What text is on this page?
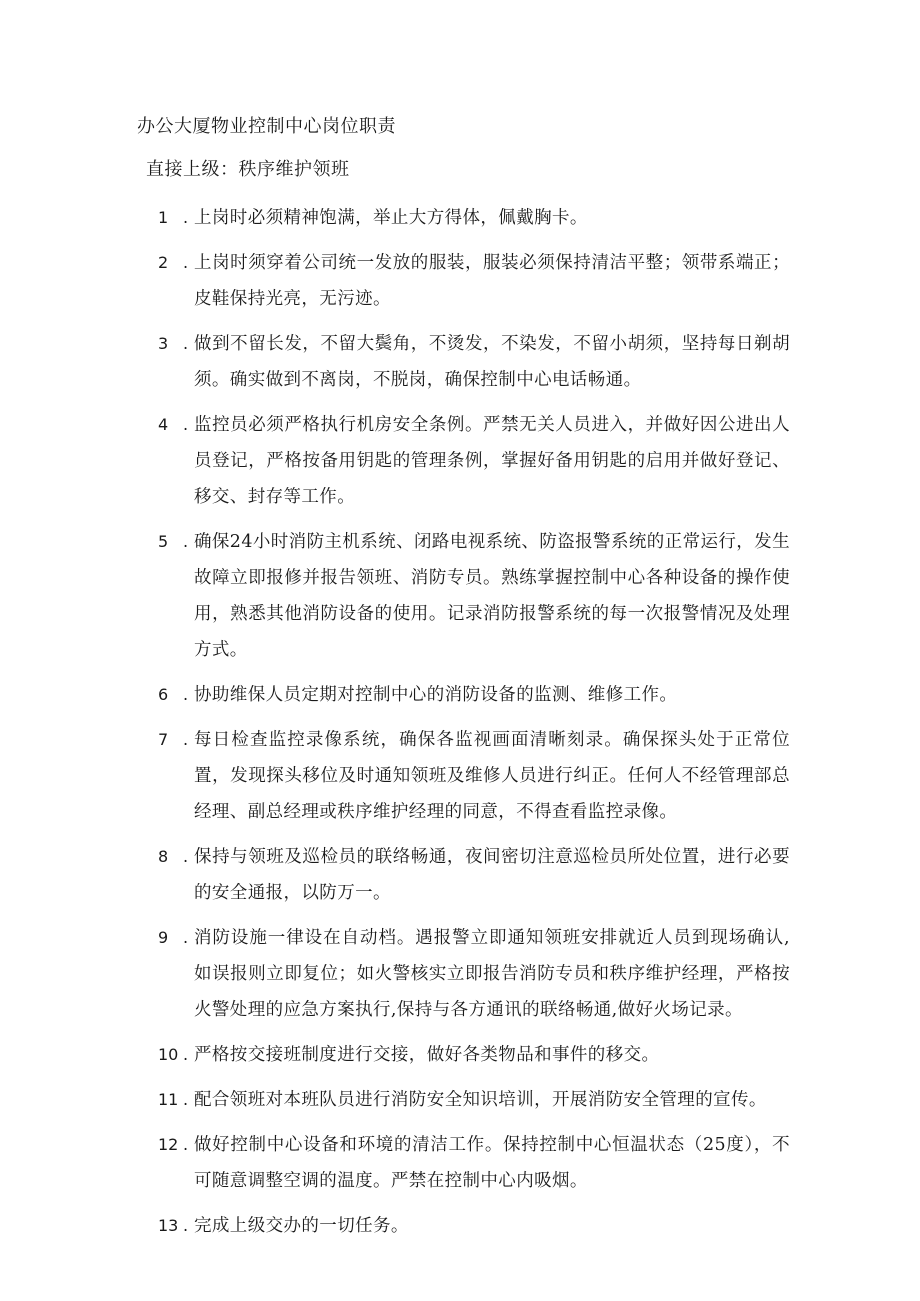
办公大厦物业控制中心岗位职责
直接上级：秩序维护领班
1 . 上岗时必须精神饱满，举止大方得体，佩戴胸卡。
2 . 上岗时须穿着公司统一发放的服装，服装必须保持清洁平整；领带系端正；皮鞋保持光亮，无污迹。
3 . 做到不留长发，不留大鬓角，不烫发，不染发，不留小胡须，坚持每日剃胡须。确实做到不离岗，不脱岗，确保控制中心电话畅通。
4 . 监控员必须严格执行机房安全条例。严禁无关人员进入，并做好因公进出人员登记，严格按备用钥匙的管理条例，掌握好备用钥匙的启用并做好登记、移交、封存等工作。
5 . 确保24小时消防主机系统、闭路电视系统、防盗报警系统的正常运行，发生故障立即报修并报告领班、消防专员。熟练掌握控制中心各种设备的操作使用，熟悉其他消防设备的使用。记录消防报警系统的每一次报警情况及处理方式。
6 . 协助维保人员定期对控制中心的消防设备的监测、维修工作。
7 . 每日检查监控录像系统，确保各监视画面清晰刻录。确保探头处于正常位置，发现探头移位及时通知领班及维修人员进行纠正。任何人不经管理部总经理、副总经理或秩序维护经理的同意，不得查看监控录像。
8 . 保持与领班及巡检员的联络畅通，夜间密切注意巡检员所处位置，进行必要的安全通报，以防万一。
9 . 消防设施一律设在自动档。遇报警立即通知领班安排就近人员到现场确认,如误报则立即复位；如火警核实立即报告消防专员和秩序维护经理，严格按火警处理的应急方案执行,保持与各方通讯的联络畅通,做好火场记录。
10 . 严格按交接班制度进行交接，做好各类物品和事件的移交。
11 . 配合领班对本班队员进行消防安全知识培训，开展消防安全管理的宣传。
12 . 做好控制中心设备和环境的清洁工作。保持控制中心恒温状态（25度），不可随意调整空调的温度。严禁在控制中心内吸烟。
13 . 完成上级交办的一切任务。
